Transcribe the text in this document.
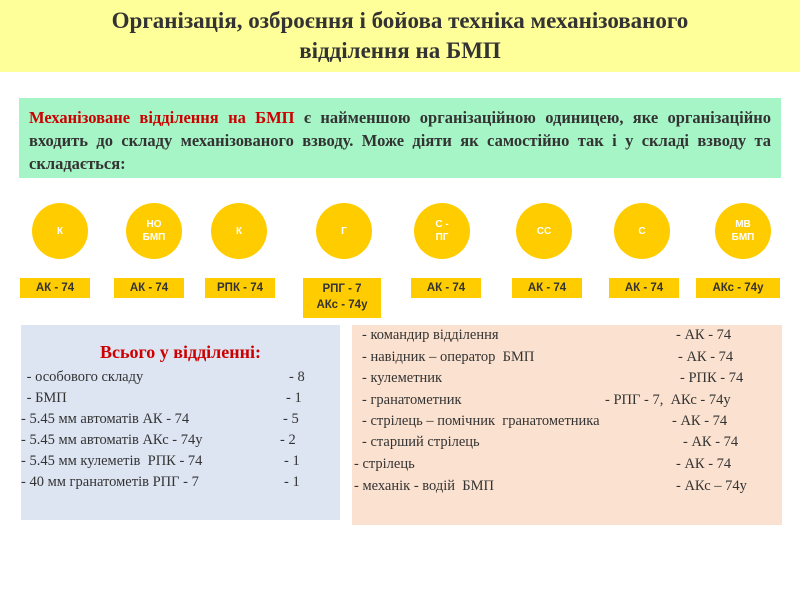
Організація, озброєння і бойова техніка механізованого
відділення на БМП
Механізоване відділення на БМП є найменшою організаційною одиницею, яке організаційно входить до складу механізованого взводу. Може діяти як самостійно так і у складі взводу та складається:
К
НО
БМП
К	Г
С -
ПГ
СС	С
МВ
БМП
АК - 74	АК - 74	РПК - 74	РПГ - 7
АКс - 74у
АК - 74	АК - 74	АК - 74	АКс - 74у
Всього у відділенні:
- особового складу	- 8
- БМП	- 1
- 5.45 мм автоматів АК - 74	- 5
- 5.45 мм автоматів АКс - 74у	- 2
- 5.45 мм кулеметів  РПК - 74	- 1
- 40 мм гранатометів РПГ - 7	- 1
- командир відділення	- АК - 74
- навідник – оператор  БМП	- АК - 74
- кулеметник	- РПК - 74
- гранатометник	- РПГ - 7,  АКс - 74у
- стрілець – помічник  гранатометника	- АК - 74
- старший стрілець	- АК - 74
- стрілець	- АК - 74
- механік - водій  БМП	- АКс – 74у
